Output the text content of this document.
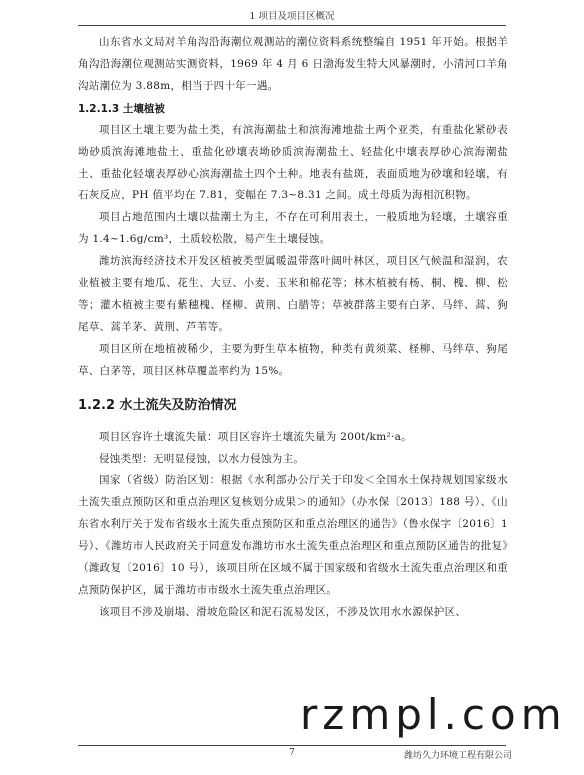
1 项目及项目区概况

山东省水文局对羊角沟沿海潮位观测站的潮位资料系统整编自 1951 年开始。根据羊角沟沿海潮位观测站实测资料，1969 年 4 月 6 日渤海发生特大风暴潮时，小清河口羊角沟站潮位为 3.88m，相当于四十年一遇。

1.2.1.3 土壤植被

项目区土壤主要为盐土类，有滨海潮盐土和滨海滩地盐土两个亚类，有重盐化紧砂表坳砂质滨海滩地盐土、重盐化砂壤表坳砂质滨海潮盐土、轻盐化中壤表厚砂心滨海潮盐土、重盐化轻壤表厚砂心滨海潮盐土四个土种。地表有盐斑，表面质地为砂壤和轻壤，有石灰反应，PH 值平均在 7.81，变幅在 7.3~8.31 之间。成土母质为海相沉积物。

项目占地范围内土壤以盐潮土为主，不存在可利用表土，一般质地为轻壤，土壤容重为 1.4~1.6g/cm³，土质较松散，易产生土壤侵蚀。

潍坊滨海经济技术开发区植被类型属暖温带落叶阔叶林区，项目区气候温和湿润，农业植被主要有地瓜、花生、大豆、小麦、玉米和棉花等；林木植被有杨、桐、槐、柳、松等；灌木植被主要有紫穗槐、柽柳、黄荆、白腊等；草被群落主要有白茅、马绊、蒿、狗尾草、蒿羊茅、黄荆、芦苇等。

项目区所在地植被稀少，主要为野生草本植物，种类有黄须菜、柽柳、马绊草、狗尾草、白茅等，项目区林草覆盖率约为 15%。

1.2.2 水土流失及防治情况

项目区容许土壤流失量：项目区容许土壤流失量为 200t/km²·a。

侵蚀类型：无明显侵蚀，以水力侵蚀为主。

国家（省级）防治区划：根据《水利部办公厅关于印发＜全国水土保持规划国家级水土流失重点预防区和重点治理区复核划分成果＞的通知》（办水保〔2013〕188 号）、《山东省水利厅关于发布省级水土流失重点预防区和重点治理区的通告》（鲁水保字〔2016〕1 号）、《潍坊市人民政府关于同意发布潍坊市水土流失重点治理区和重点预防区通告的批复》（潍政复〔2016〕10 号），该项目所在区域不属于国家级和省级水土流失重点治理区和重点预防保护区，属于潍坊市市级水土流失重点治理区。

该项目不涉及崩塌、滑坡危险区和泥石流易发区，不涉及饮用水水源保护区、

7	潍坊久力环境工程有限公司
rzmpl.com
